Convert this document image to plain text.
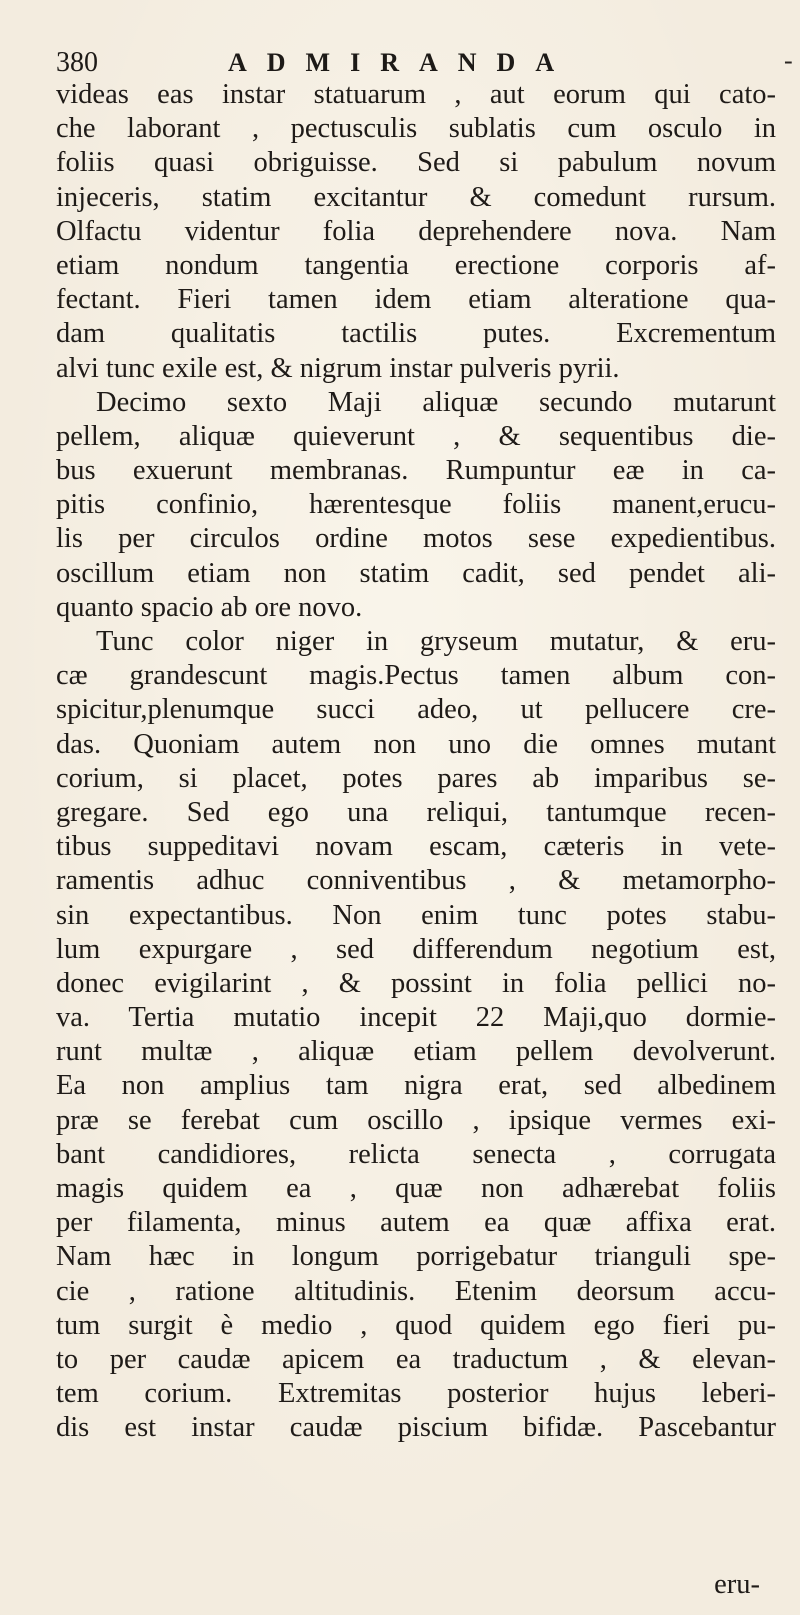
380	ADMIRANDA	-
videas eas instar statuarum , aut eorum qui cato-
che laborant , pectusculis sublatis cum osculo in
foliis quasi obriguisse. Sed si pabulum novum
injeceris, statim excitantur & comedunt rursum.
Olfactu videntur folia deprehendere nova. Nam
etiam nondum tangentia erectione corporis af-
fectant. Fieri tamen idem etiam alteratione qua-
dam qualitatis tactilis putes. Excrementum
alvi tunc exile est, & nigrum instar pulveris pyrii.
Decimo sexto Maji aliquæ secundo mutarunt
pellem, aliquæ quieverunt , & sequentibus die-
bus exuerunt membranas. Rumpuntur eæ in ca-
pitis confinio, hærentesque foliis manent,erucu-
lis per circulos ordine motos sese expedientibus.
oscillum etiam non statim cadit, sed pendet ali-
quanto spacio ab ore novo.
Tunc color niger in gryseum mutatur, & eru-
cæ grandescunt magis.Pectus tamen album con-
spicitur,plenumque succi adeo, ut pellucere cre-
das. Quoniam autem non uno die omnes mutant
corium, si placet, potes pares ab imparibus se-
gregare. Sed ego una reliqui, tantumque recen-
tibus suppeditavi novam escam, cæteris in vete-
ramentis adhuc conniventibus , & metamorpho-
sin expectantibus. Non enim tunc potes stabu-
lum expurgare , sed differendum negotium est,
donec evigilarint , & possint in folia pellici no-
va. Tertia mutatio incepit 22 Maji,quo dormie-
runt multæ , aliquæ etiam pellem devolverunt.
Ea non amplius tam nigra erat, sed albedinem
præ se ferebat cum oscillo , ipsique vermes exi-
bant candidiores, relicta senecta , corrugata
magis quidem ea , quæ non adhærebat foliis
per filamenta, minus autem ea quæ affixa erat.
Nam hæc in longum porrigebatur trianguli spe-
cie , ratione altitudinis. Etenim deorsum accu-
tum surgit è medio , quod quidem ego fieri pu-
to per caudæ apicem ea traductum , & elevan-
tem corium. Extremitas posterior hujus leberi-
dis est instar caudæ piscium bifidæ. Pascebantur
eru-
